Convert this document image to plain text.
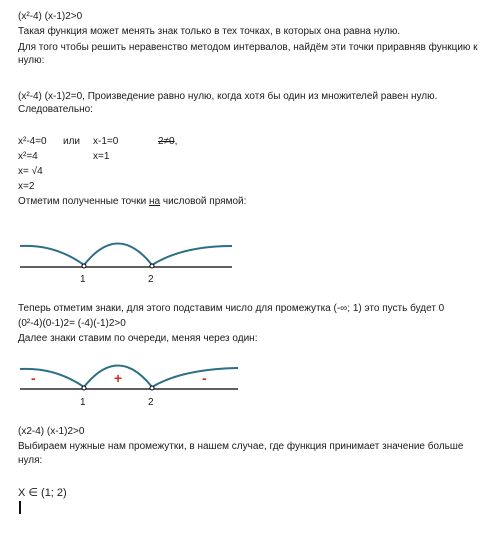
(x²-4) (x-1)2>0
Такая функция может менять знак только в тех точках, в которых она равна нулю.
Для того чтобы решить неравенство методом интервалов, найдём эти точки приравняв функцию к
нулю:
(x²-4) (x-1)2=0, Произведение равно нулю, когда хотя бы один из множителей равен нулю.
Следовательно:
x²-4=0 или x-1=0	2≠0,
x²=4	x=1
x= √4
x=2
Отметим полученные точки на числовой прямой:
1	2
Теперь отметим знаки, для этого подставим число для промежутка (-∞; 1) это пусть будет 0
(0²-4)(0-1)2= (-4)(-1)2>0
Далее знаки ставим по очереди, меняя через один:
-	+	-
1	2
(x2-4) (x-1)2>0
Выбираем нужные нам промежутки, в нашем случае, где функция принимает значение больше
нуля:
X ∈ (1; 2)
